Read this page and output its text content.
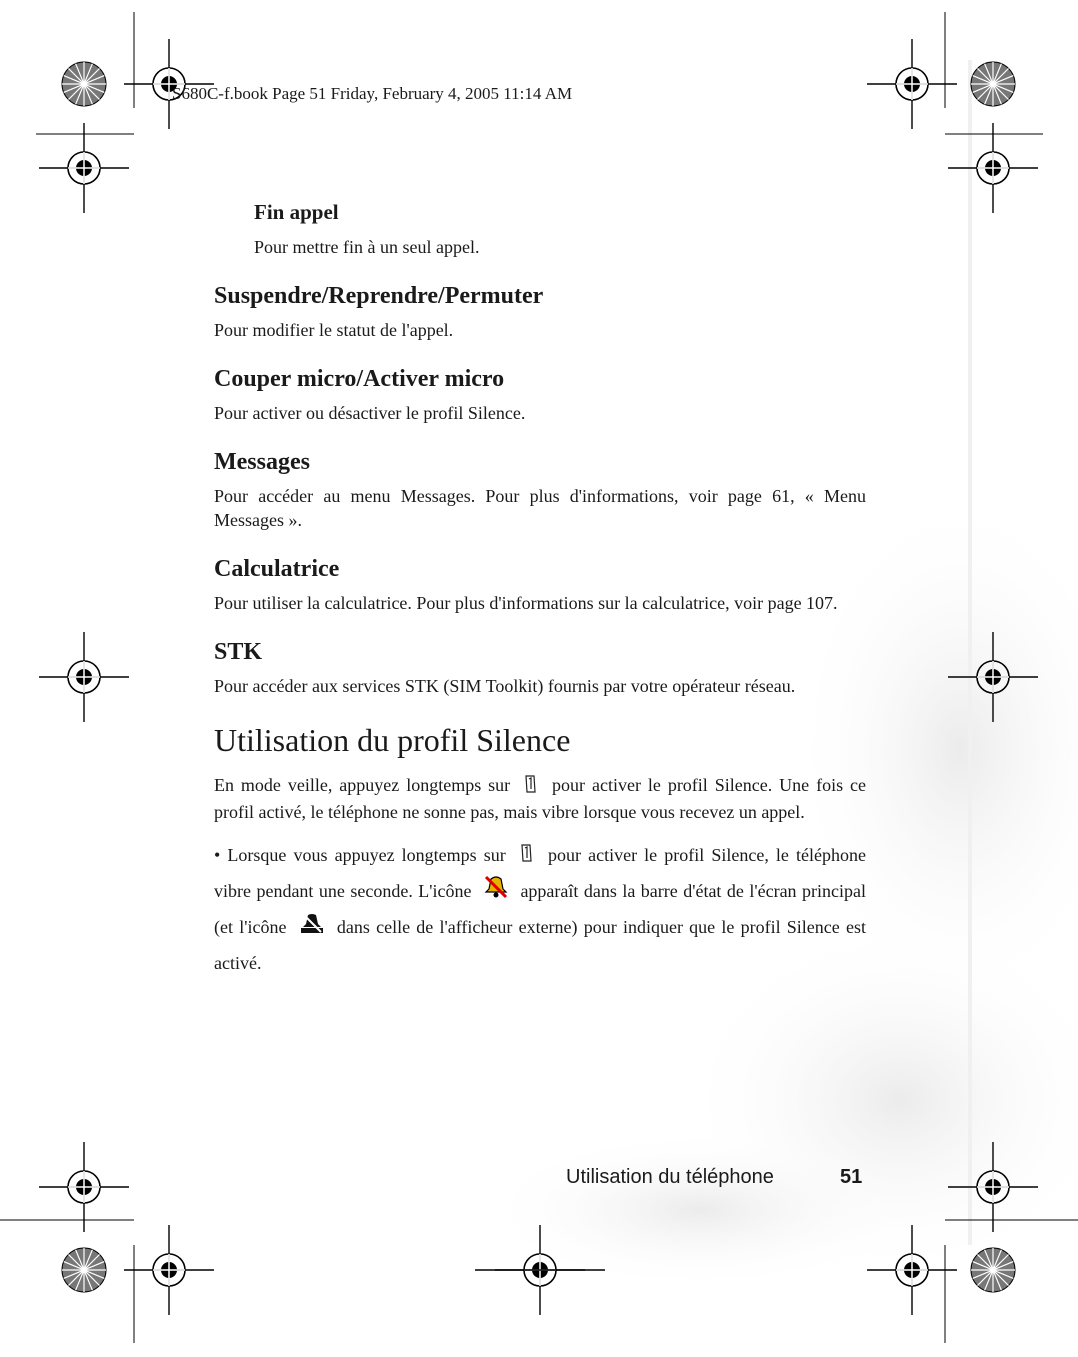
S680C-f.book Page 51 Friday, February 4, 2005 11:14 AM
Fin appel

Pour mettre fin à un seul appel.

Suspendre/Reprendre/Permuter

Pour modifier le statut de l'appel.

Couper micro/Activer micro

Pour activer ou désactiver le profil Silence.

Messages

Pour accéder au menu Messages. Pour plus d'informations, voir page 61, « Menu Messages ».

Calculatrice

Pour utiliser la calculatrice. Pour plus d'informations sur la calculatrice, voir page 107.

STK

Pour accéder aux services STK (SIM Toolkit) fournis par votre opérateur réseau.

Utilisation du profil Silence

En mode veille, appuyez longtemps sur pour activer le profil Silence. Une fois ce profil activé, le téléphone ne sonne pas, mais vibre lorsque vous recevez un appel.

• Lorsque vous appuyez longtemps sur pour activer le profil Silence, le téléphone vibre pendant une seconde. L'icône	apparaît dans la barre d'état de l'écran principal (et l'icône	dans celle de l'afficheur externe) pour indiquer que le profil Silence est activé.
Utilisation du téléphone	51
